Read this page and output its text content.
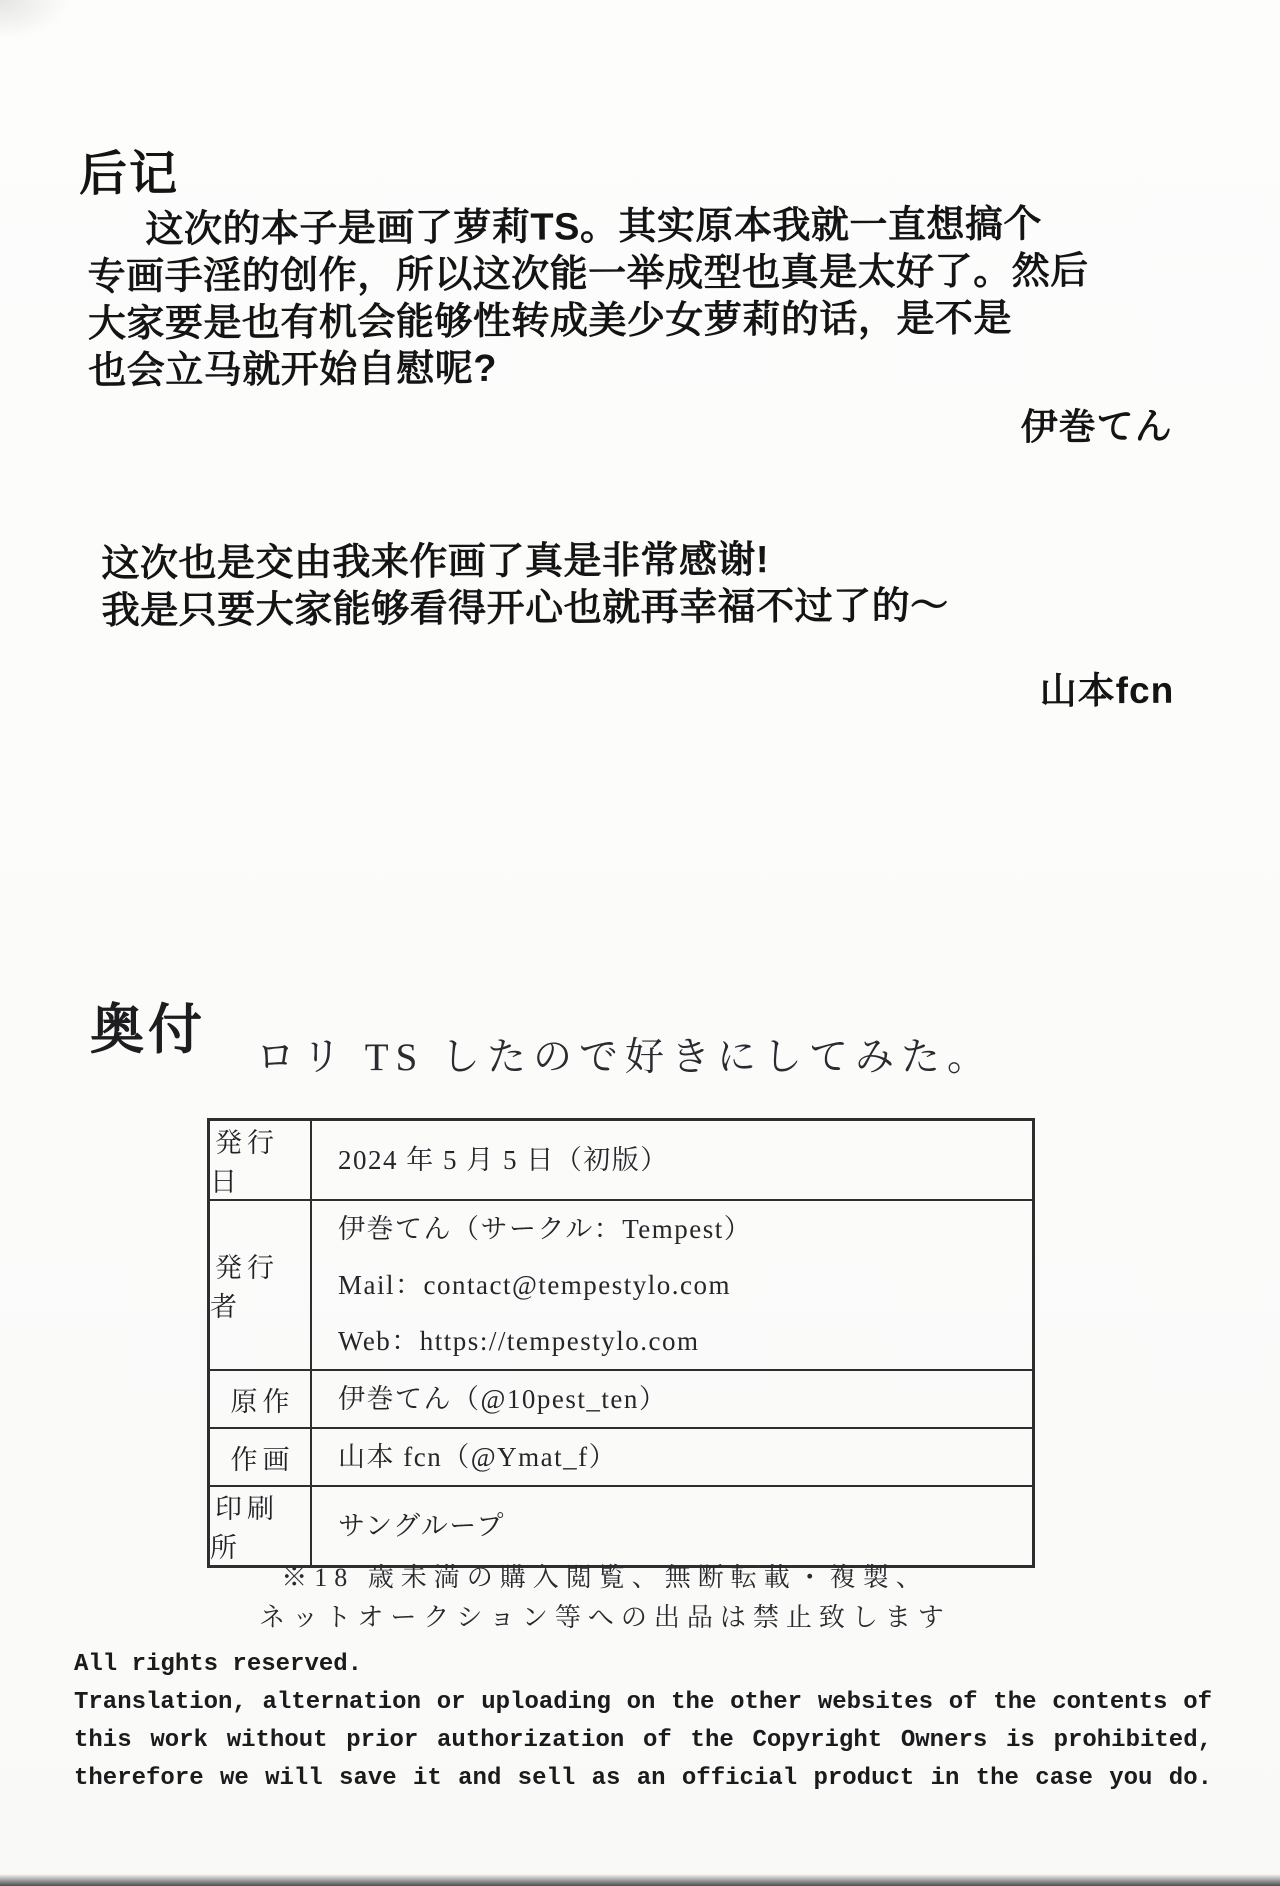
后记
这次的本子是画了萝莉TS。其实原本我就一直想搞个
专画手淫的创作，所以这次能一举成型也真是太好了。然后
大家要是也有机会能够性转成美少女萝莉的话，是不是
也会立马就开始自慰呢?
伊巻てん
这次也是交由我来作画了真是非常感谢!
我是只要大家能够看得开心也就再幸福不过了的～
山本fcn
奥付 ロリ TS したので好きにしてみた。
発行日
2024 年 5 月 5 日（初版）
発行者
伊巻てん（サークル：Tempest）
Mail：contact@tempestylo.com
Web：https://tempestylo.com
原作	伊巻てん（@10pest_ten）
作画	山本 fcn（@Ymat_f）
印刷所
サングループ
※18 歳未満の購入閲覧、無断転載・複製、
ネットオークション等への出品は禁止致します
All rights reserved.
Translation, alternation or uploading on the other websites of the contents of
this work without prior authorization of the Copyright Owners is prohibited,
therefore we will save it and sell as an official product in the case you do.
